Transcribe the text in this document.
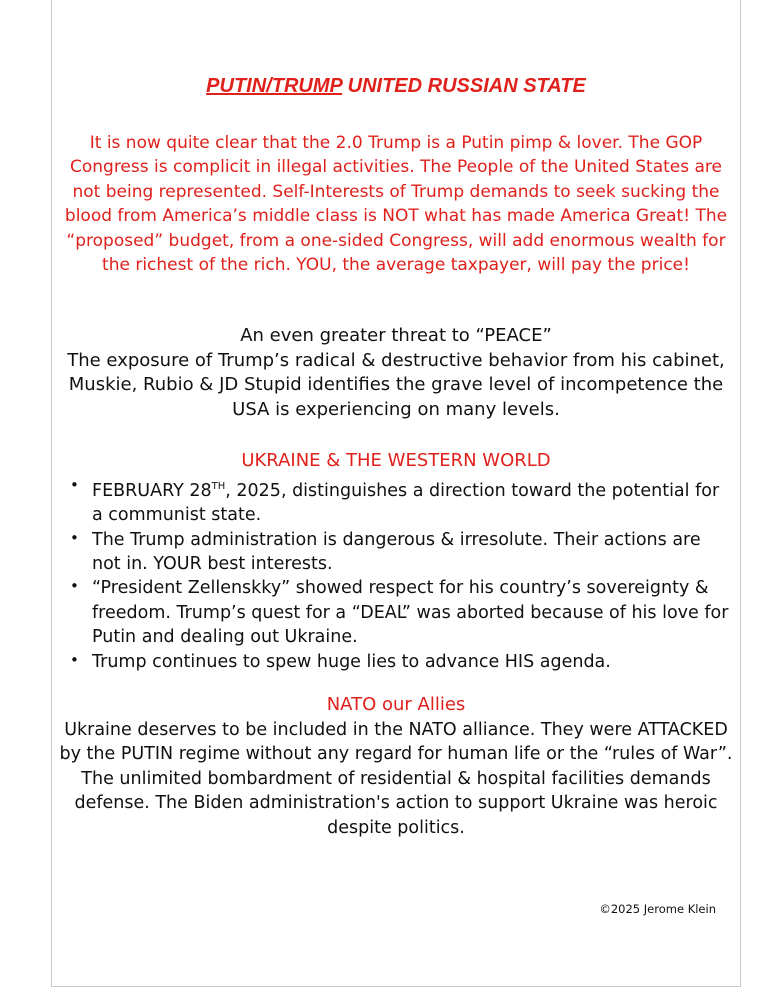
PUTIN/TRUMP UNITED RUSSIAN STATE
It is now quite clear that the 2.0 Trump is a Putin pimp & lover. The GOP Congress is complicit in illegal activities. The People of the United States are not being represented. Self-Interests of Trump demands to seek sucking the blood from America’s middle class is NOT what has made America Great! The “proposed” budget, from a one-sided Congress, will add enormous wealth for the richest of the rich. YOU, the average taxpayer, will pay the price!
An even greater threat to “PEACE”
The exposure of Trump’s radical & destructive behavior from his cabinet, Muskie, Rubio & JD Stupid identifies the grave level of incompetence the USA is experiencing on many levels.
UKRAINE & THE WESTERN WORLD
• FEBRUARY 28TH, 2025, distinguishes a direction toward the potential for a communist state.
• The Trump administration is dangerous & irresolute. Their actions are not in. YOUR best interests.
• “President Zellenskky” showed respect for his country’s sovereignty & freedom. Trump’s quest for a “DEAL” was aborted because of his love for Putin and dealing out Ukraine.
• Trump continues to spew huge lies to advance HIS agenda.
NATO our Allies
Ukraine deserves to be included in the NATO alliance. They were ATTACKED by the PUTIN regime without any regard for human life or the “rules of War”. The unlimited bombardment of residential & hospital facilities demands defense. The Biden administration's action to support Ukraine was heroic despite politics.
©2025 Jerome Klein
